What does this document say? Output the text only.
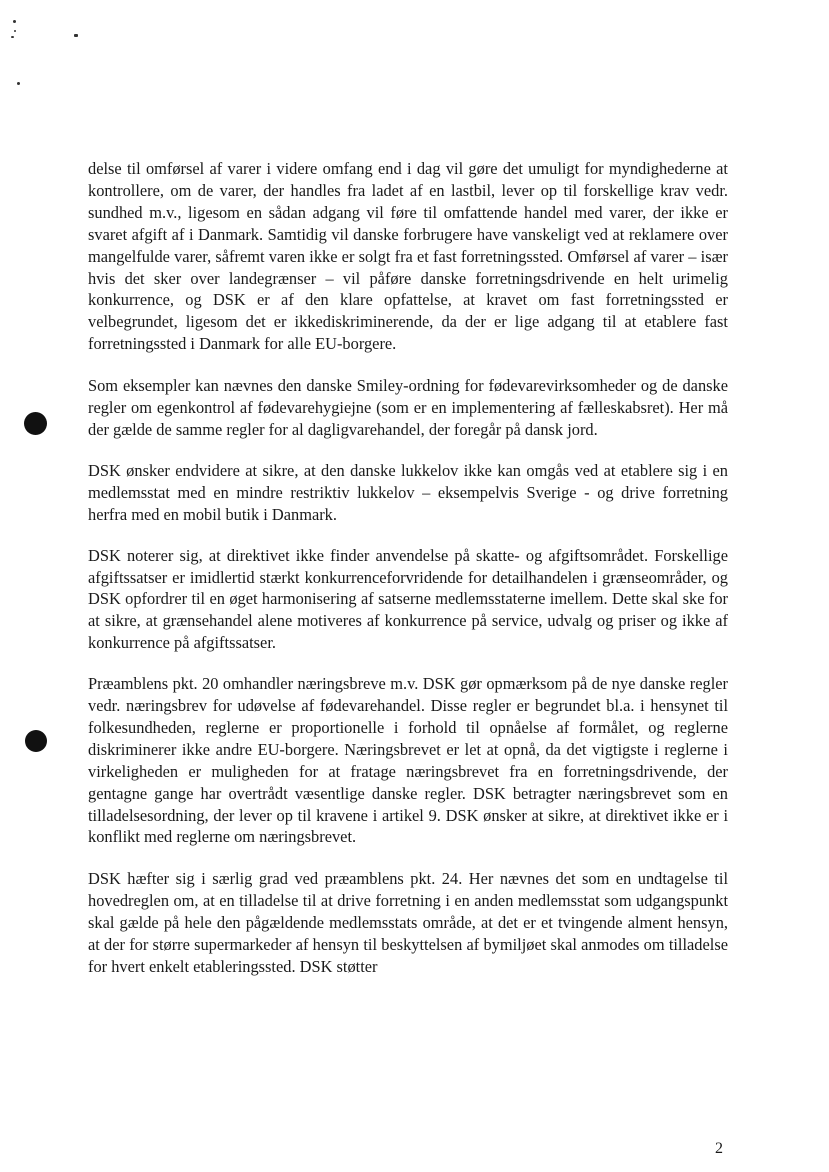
delse til omførsel af varer i videre omfang end i dag vil gøre det umuligt for myndighederne at kontrollere, om de varer, der handles fra ladet af en lastbil, lever op til forskellige krav vedr. sundhed m.v., ligesom en sådan adgang vil føre til omfattende handel med varer, der ikke er svaret afgift af i Danmark. Samtidig vil danske forbrugere have vanskeligt ved at reklamere over mangelfulde varer, såfremt varen ikke er solgt fra et fast forretningssted. Omførsel af varer – især hvis det sker over landegrænser – vil påføre danske forretningsdrivende en helt urimelig konkurrence, og DSK er af den klare opfattelse, at kravet om fast forretningssted er velbegrundet, ligesom det er ikkediskriminerende, da der er lige adgang til at etablere fast forretningssted i Danmark for alle EU-borgere.

Som eksempler kan nævnes den danske Smiley-ordning for fødevarevirksomheder og de danske regler om egenkontrol af fødevarehygiejne (som er en implementering af fælleskabsret). Her må der gælde de samme regler for al dagligvarehandel, der foregår på dansk jord.

DSK ønsker endvidere at sikre, at den danske lukkelov ikke kan omgås ved at etablere sig i en medlemsstat med en mindre restriktiv lukkelov – eksempelvis Sverige - og drive forretning herfra med en mobil butik i Danmark.

DSK noterer sig, at direktivet ikke finder anvendelse på skatte- og afgiftsområdet. Forskellige afgiftssatser er imidlertid stærkt konkurrenceforvridende for detailhandelen i grænseområder, og DSK opfordrer til en øget harmonisering af satserne medlemsstaterne imellem. Dette skal ske for at sikre, at grænsehandel alene motiveres af konkurrence på service, udvalg og priser og ikke af konkurrence på afgiftssatser.

Præamblens pkt. 20 omhandler næringsbreve m.v. DSK gør opmærksom på de nye danske regler vedr. næringsbrev for udøvelse af fødevarehandel. Disse regler er begrundet bl.a. i hensynet til folkesundheden, reglerne er proportionelle i forhold til opnåelse af formålet, og reglerne diskriminerer ikke andre EU-borgere. Næringsbrevet er let at opnå, da det vigtigste i reglerne i virkeligheden er muligheden for at fratage næringsbrevet fra en forretningsdrivende, der gentagne gange har overtrådt væsentlige danske regler. DSK betragter næringsbrevet som en tilladelsesordning, der lever op til kravene i artikel 9. DSK ønsker at sikre, at direktivet ikke er i konflikt med reglerne om næringsbrevet.

DSK hæfter sig i særlig grad ved præamblens pkt. 24. Her nævnes det som en undtagelse til hovedreglen om, at en tilladelse til at drive forretning i en anden medlemsstat som udgangspunkt skal gælde på hele den pågældende medlemsstats område, at det er et tvingende alment hensyn, at der for større supermarkeder af hensyn til beskyttelsen af bymiljøet skal anmodes om tilladelse for hvert enkelt etableringssted. DSK støtter

2
